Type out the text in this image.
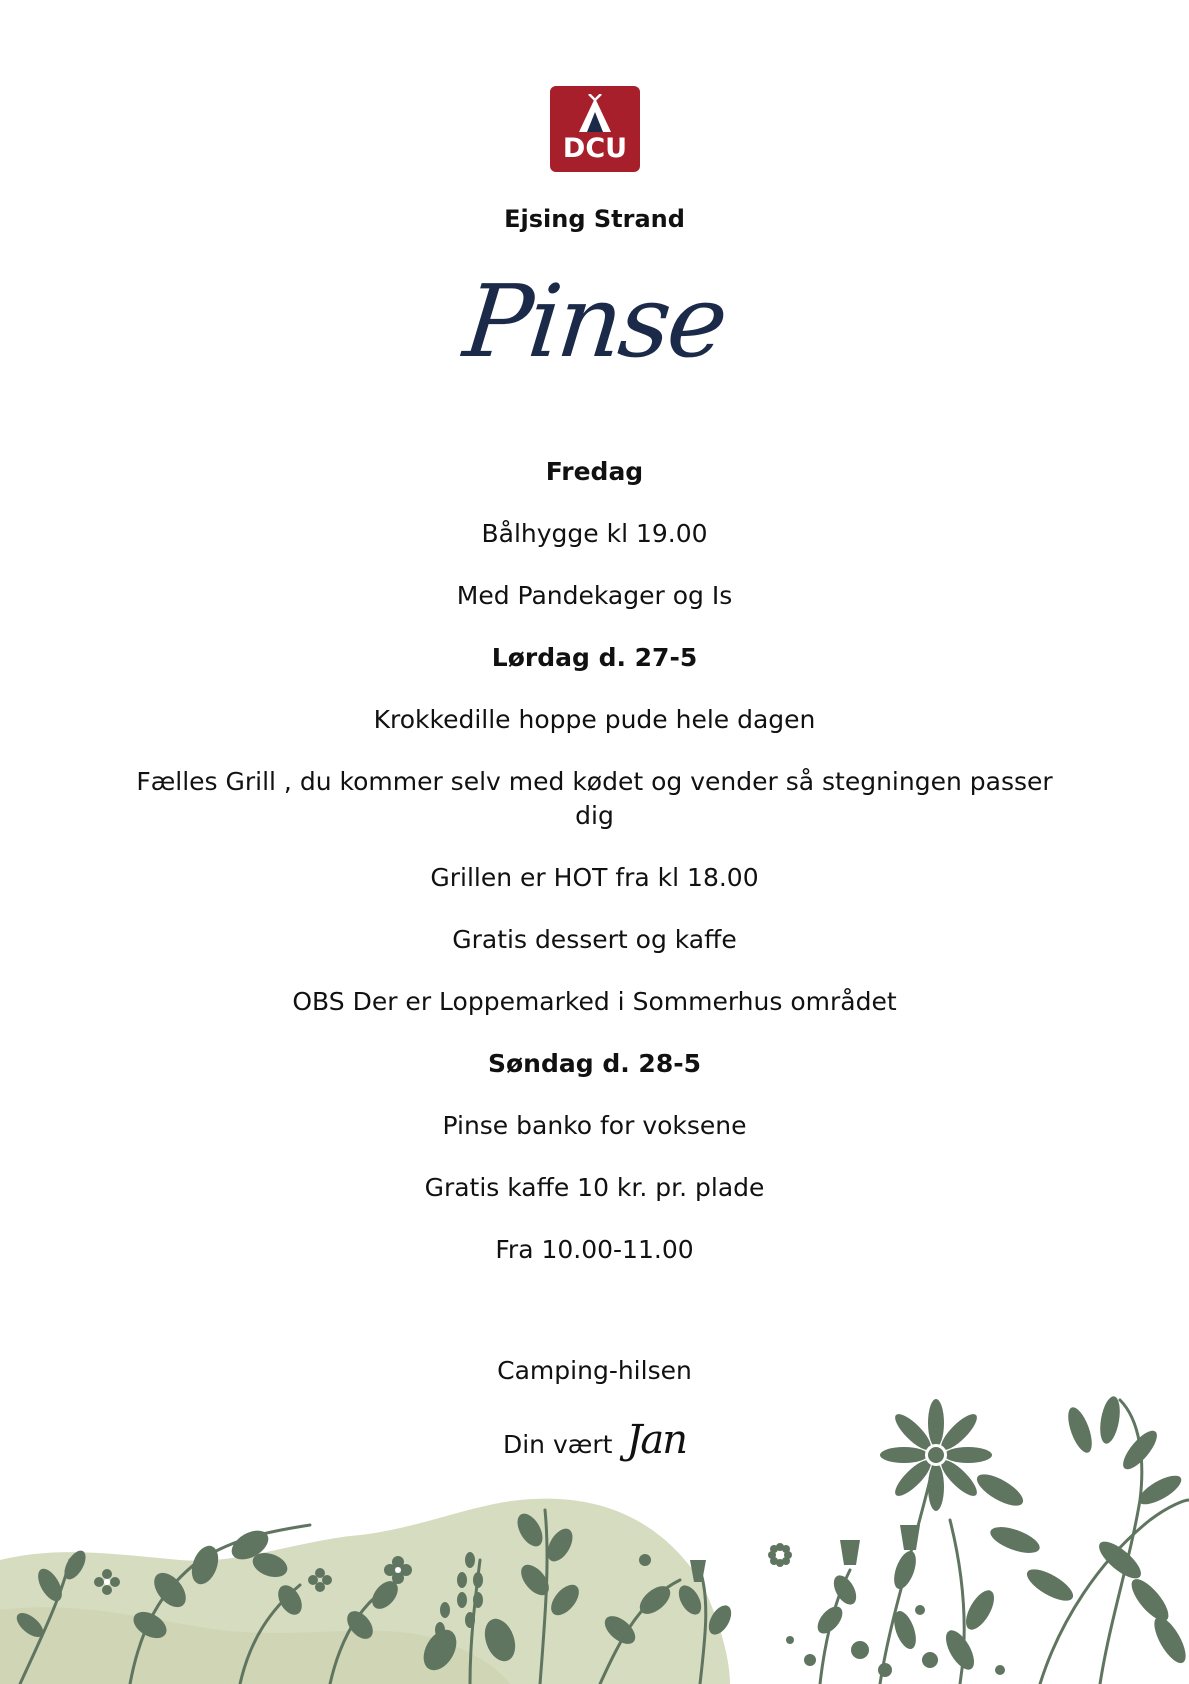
DCU
Ejsing Strand
Pinse
Fredag
Bålhygge kl 19.00
Med Pandekager og Is
Lørdag d. 27-5
Krokkedille hoppe pude hele dagen
Fælles Grill , du kommer selv med kødet og vender så stegningen passer
dig
Grillen er HOT fra kl 18.00
Gratis dessert og kaffe
OBS Der er Loppemarked i Sommerhus området
Søndag d. 28-5
Pinse banko for voksene
Gratis kaffe 10 kr. pr. plade
Fra 10.00-11.00
Camping-hilsen
Din vært Jan
